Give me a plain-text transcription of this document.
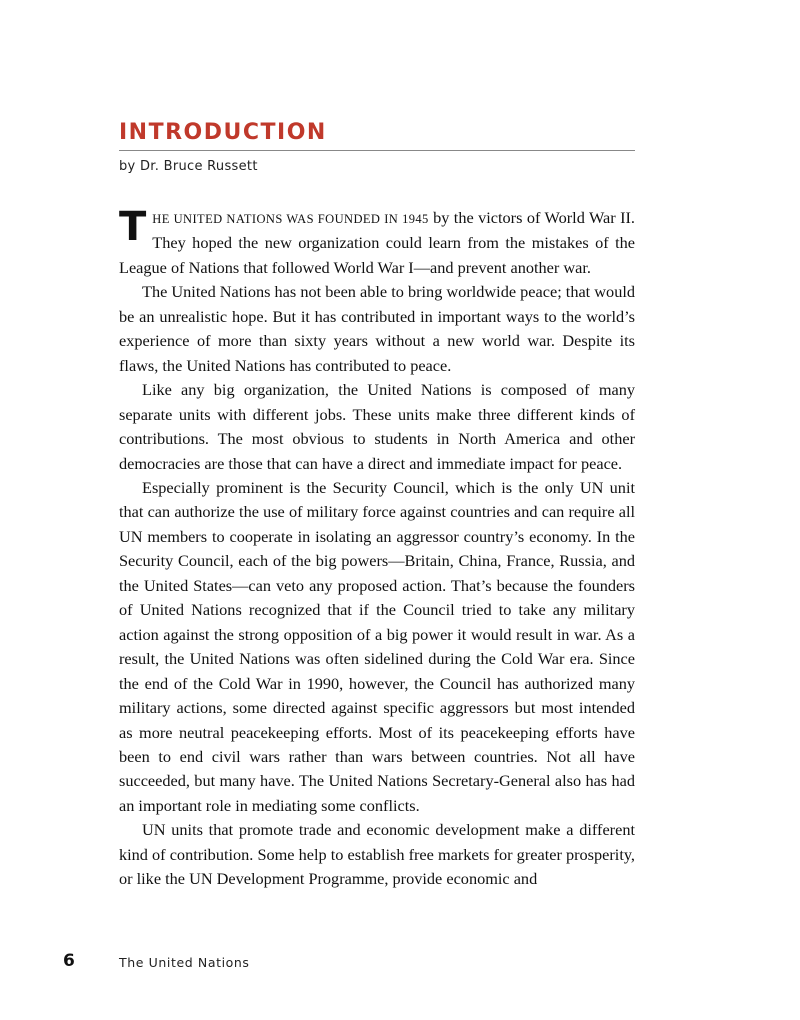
INTRODUCTION
by Dr. Bruce Russett

THE UNITED NATIONS WAS FOUNDED IN 1945 by the victors of World War II. They hoped the new organization could learn from the mistakes of the League of Nations that followed World War I—and prevent another war.

The United Nations has not been able to bring worldwide peace; that would be an unrealistic hope. But it has contributed in important ways to the world’s experience of more than sixty years without a new world war. Despite its flaws, the United Nations has contributed to peace.

Like any big organization, the United Nations is composed of many separate units with different jobs. These units make three different kinds of contributions. The most obvious to students in North America and other democracies are those that can have a direct and immediate impact for peace.

Especially prominent is the Security Council, which is the only UN unit that can authorize the use of military force against countries and can require all UN members to cooperate in isolating an aggressor country’s economy. In the Security Council, each of the big powers—Britain, China, France, Russia, and the United States—can veto any proposed action. That’s because the founders of United Nations recognized that if the Council tried to take any military action against the strong opposition of a big power it would result in war. As a result, the United Nations was often sidelined during the Cold War era. Since the end of the Cold War in 1990, however, the Council has authorized many military actions, some directed against specific aggressors but most intended as more neutral peacekeeping efforts. Most of its peacekeeping efforts have been to end civil wars rather than wars between countries. Not all have succeeded, but many have. The United Nations Secretary-General also has had an important role in mediating some conflicts.

UN units that promote trade and economic development make a different kind of contribution. Some help to establish free markets for greater prosperity, or like the UN Development Programme, provide economic and

6	The United Nations
